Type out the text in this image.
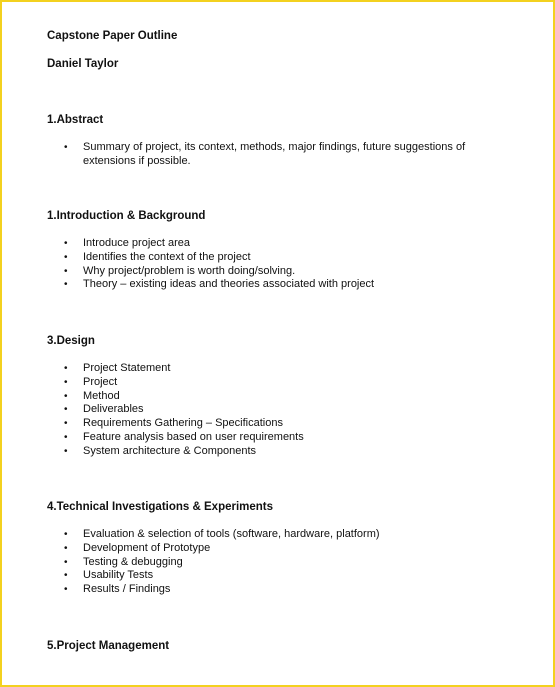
Capstone Paper Outline
Daniel Taylor
1.Abstract
• Summary of project, its context, methods, major findings, future suggestions of extensions if possible.
1.Introduction & Background
• Introduce project area
• Identifies the context of the project
• Why project/problem is worth doing/solving.
• Theory – existing ideas and theories associated with project
3.Design
• Project Statement
• Project
• Method
• Deliverables
• Requirements Gathering – Specifications
• Feature analysis based on user requirements
• System architecture & Components
4.Technical Investigations & Experiments
• Evaluation & selection of tools (software, hardware, platform)
• Development of Prototype
• Testing & debugging
• Usability Tests
• Results / Findings
5.Project Management
